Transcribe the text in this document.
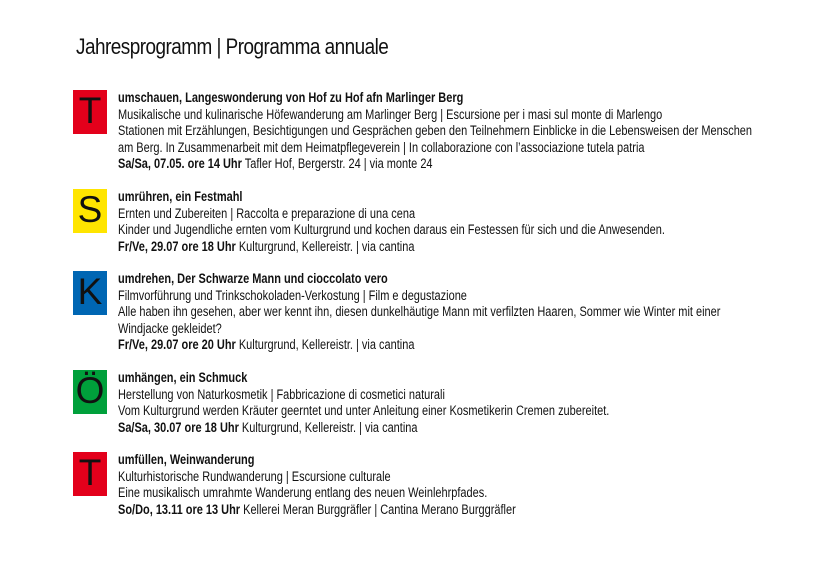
Jahresprogramm | Programma annuale
T	umschauen, Langeswonderung von Hof zu Hof afn Marlinger Berg
Musikalische und kulinarische Höfewanderung am Marlinger Berg | Escursione per i masi sul monte di Marlengo
Stationen mit Erzählungen, Besichtigungen und Gesprächen geben den Teilnehmern Einblicke in die Lebensweisen der Menschen
am Berg. In Zusammenarbeit mit dem Heimatpflegeverein | In collaborazione con l’associazione tutela patria
Sa/Sa, 07.05. ore 14 Uhr Tafler Hof, Bergerstr. 24 | via monte 24
S	umrühren, ein Festmahl
Ernten und Zubereiten | Raccolta e preparazione di una cena
Kinder und Jugendliche ernten vom Kulturgrund und kochen daraus ein Festessen für sich und die Anwesenden.
Fr/Ve, 29.07 ore 18 Uhr Kulturgrund, Kellereistr. | via cantina
K	umdrehen, Der Schwarze Mann und cioccolato vero
Filmvorführung und Trinkschokoladen-Verkostung | Film e degustazione
Alle haben ihn gesehen, aber wer kennt ihn, diesen dunkelhäutige Mann mit verfilzten Haaren, Sommer wie Winter mit einer
Windjacke gekleidet?
Fr/Ve, 29.07 ore 20 Uhr Kulturgrund, Kellereistr. | via cantina
Ö umhängen, ein Schmuck
Herstellung von Naturkosmetik | Fabbricazione di cosmetici naturali
Vom Kulturgrund werden Kräuter geerntet und unter Anleitung einer Kosmetikerin Cremen zubereitet.
Sa/Sa, 30.07 ore 18 Uhr Kulturgrund, Kellereistr. | via cantina
T	umfüllen, Weinwanderung
Kulturhistorische Rundwanderung | Escursione culturale
Eine musikalisch umrahmte Wanderung entlang des neuen Weinlehrpfades.
So/Do, 13.11 ore 13 Uhr Kellerei Meran Burggräfler | Cantina Merano Burggräfler
